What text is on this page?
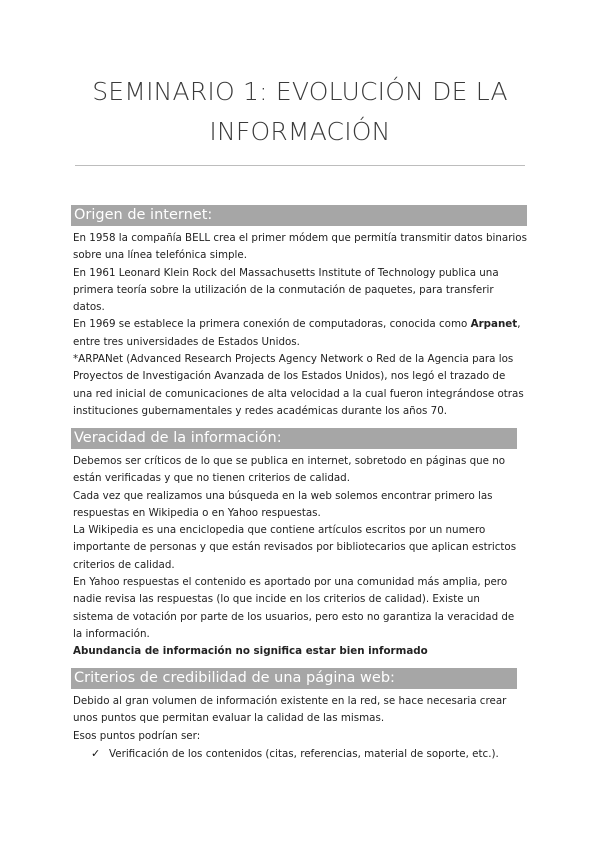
SEMINARIO 1: EVOLUCIÓN DE LA
INFORMACIÓN
Origen de internet:

En 1958 la compañía BELL crea el primer módem que permitía transmitir datos binarios sobre una línea telefónica simple.

En 1961 Leonard Klein Rock del Massachusetts Institute of Technology publica una primera teoría sobre la utilización de la conmutación de paquetes, para transferir datos.

En 1969 se establece la primera conexión de computadoras, conocida como Arpanet, entre tres universidades de Estados Unidos.

*ARPANet (Advanced Research Projects Agency Network o Red de la Agencia para los Proyectos de Investigación Avanzada de los Estados Unidos), nos legó el trazado de una red inicial de comunicaciones de alta velocidad a la cual fueron integrándose otras instituciones gubernamentales y redes académicas durante los años 70.

Veracidad de la información:

Debemos ser críticos de lo que se publica en internet, sobretodo en páginas que no están verificadas y que no tienen criterios de calidad.

Cada vez que realizamos una búsqueda en la web solemos encontrar primero las respuestas en Wikipedia o en Yahoo respuestas.

La Wikipedia es una enciclopedia que contiene artículos escritos por un numero importante de personas y que están revisados por bibliotecarios que aplican estrictos criterios de calidad.

En Yahoo respuestas el contenido es aportado por una comunidad más amplia, pero nadie revisa las respuestas (lo que incide en los criterios de calidad). Existe un sistema de votación por parte de los usuarios, pero esto no garantiza la veracidad de la información.

Abundancia de información no significa estar bien informado

Criterios de credibilidad de una página web:

Debido al gran volumen de información existente en la red, se hace necesaria crear unos puntos que permitan evaluar la calidad de las mismas.

Esos puntos podrían ser:

✓ Verificación de los contenidos (citas, referencias, material de soporte, etc.).
